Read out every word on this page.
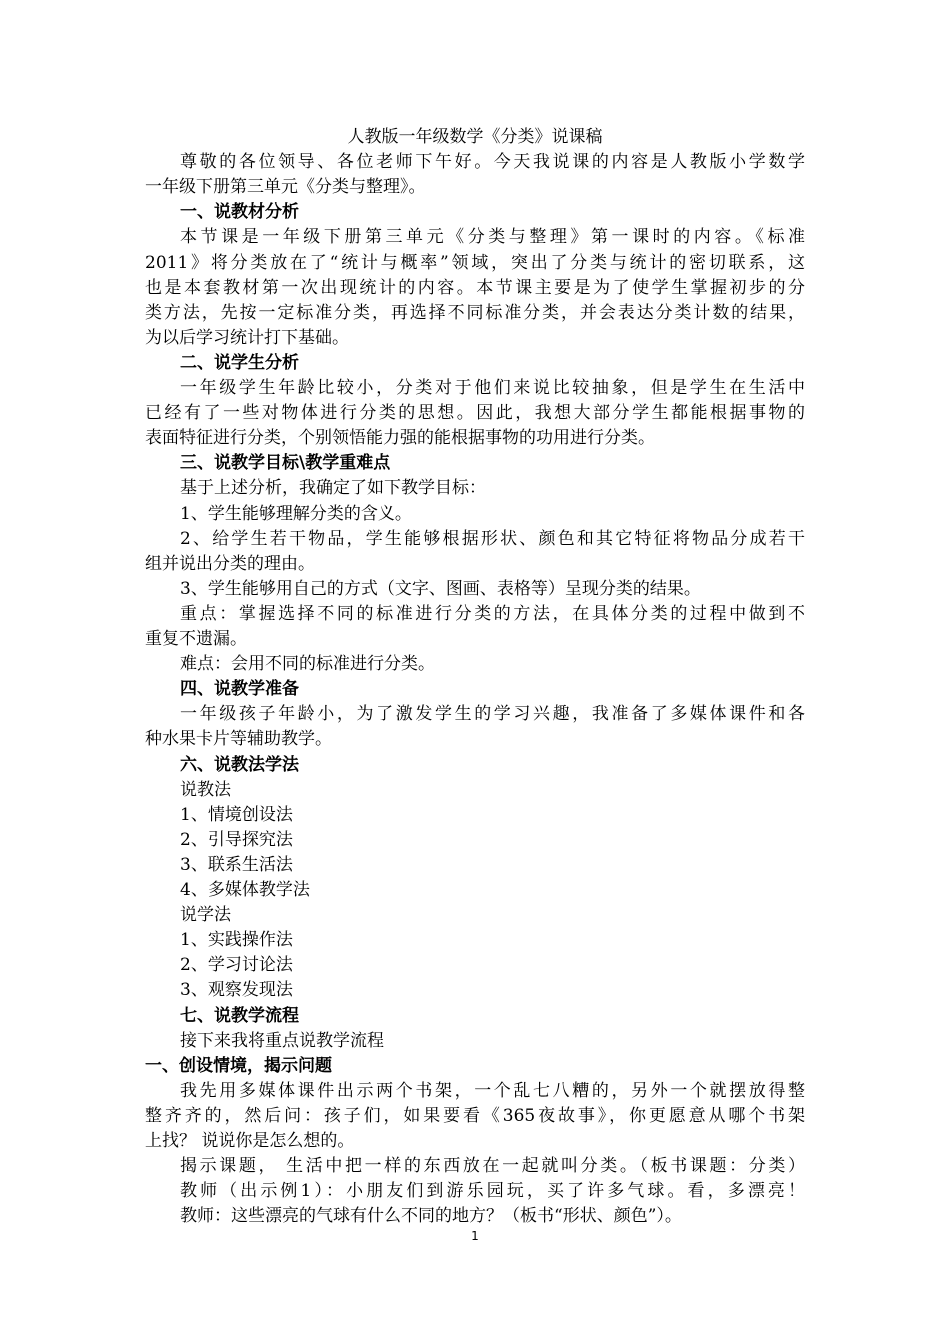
人教版一年级数学《分类》说课稿
尊敬的各位领导、各位老师下午好。今天我说课的内容是人教版小学数学
一年级下册第三单元《分类与整理》。
一、说教材分析
本节课是一年级下册第三单元《分类与整理》第一课时的内容。《标准
2011》将分类放在了“统计与概率”领域，突出了分类与统计的密切联系，这
也是本套教材第一次出现统计的内容。本节课主要是为了使学生掌握初步的分
类方法，先按一定标准分类，再选择不同标准分类，并会表达分类计数的结果，
为以后学习统计打下基础。
二、说学生分析
一年级学生年龄比较小，分类对于他们来说比较抽象，但是学生在生活中
已经有了一些对物体进行分类的思想。因此，我想大部分学生都能根据事物的
表面特征进行分类，个别领悟能力强的能根据事物的功用进行分类。
三、说教学目标\教学重难点
基于上述分析，我确定了如下教学目标：
1、学生能够理解分类的含义。
2、给学生若干物品，学生能够根据形状、颜色和其它特征将物品分成若干
组并说出分类的理由。
3、学生能够用自己的方式（文字、图画、表格等）呈现分类的结果。
重点：掌握选择不同的标准进行分类的方法，在具体分类的过程中做到不
重复不遗漏。
难点：会用不同的标准进行分类。
四、说教学准备
一年级孩子年龄小，为了激发学生的学习兴趣，我准备了多媒体课件和各
种水果卡片等辅助教学。
六、说教法学法
说教法
1、情境创设法
2、引导探究法
3、联系生活法
4、多媒体教学法
说学法
1、实践操作法
2、学习讨论法
3、观察发现法
七、说教学流程
接下来我将重点说教学流程
一、创设情境，揭示问题
我先用多媒体课件出示两个书架，一个乱七八糟的，另外一个就摆放得整
整齐齐的，然后问：孩子们，如果要看《365夜故事》，你更愿意从哪个书架
上找？ 说说你是怎么想的。
揭示课题， 生活中把一样的东西放在一起就叫分类。（板书课题：分类）
教师（出示例1）：小朋友们到游乐园玩，买了许多气球。看，多漂亮！
教师：这些漂亮的气球有什么不同的地方？（板书“形状、颜色”）。
1
